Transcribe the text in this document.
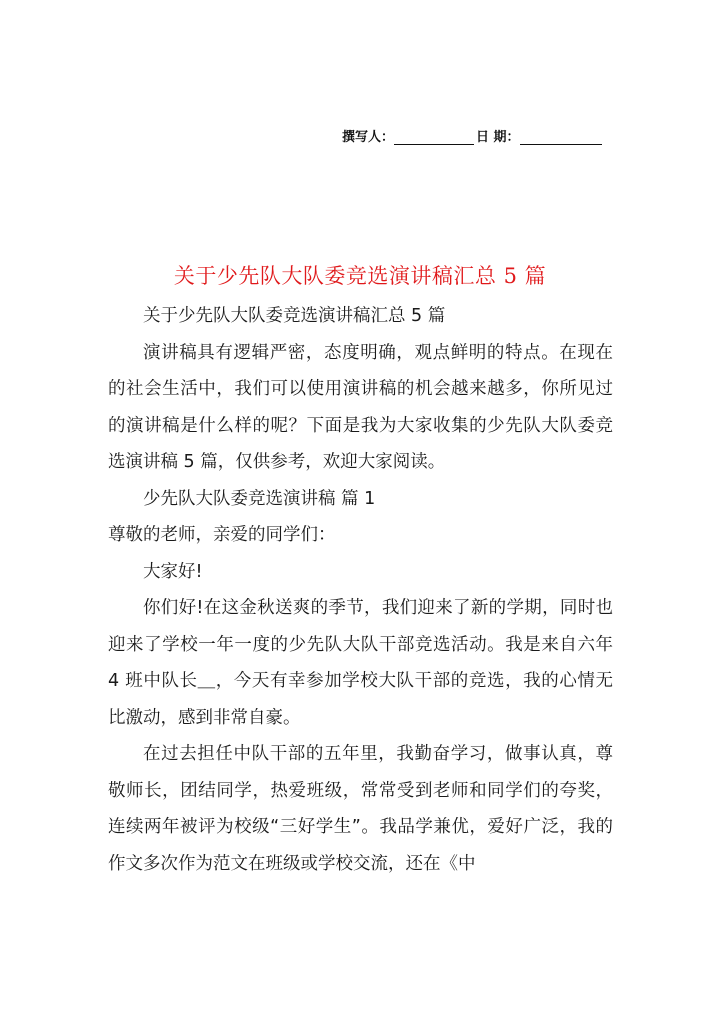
撰写人：	日 期：
关于少先队大队委竞选演讲稿汇总 5 篇

关于少先队大队委竞选演讲稿汇总 5 篇

演讲稿具有逻辑严密，态度明确，观点鲜明的特点。在现在的社会生活中，我们可以使用演讲稿的机会越来越多，你所见过的演讲稿是什么样的呢？下面是我为大家收集的少先队大队委竞选演讲稿 5 篇，仅供参考，欢迎大家阅读。

少先队大队委竞选演讲稿 篇 1

尊敬的老师，亲爱的同学们：

大家好!

你们好!在这金秋送爽的季节，我们迎来了新的学期，同时也迎来了学校一年一度的少先队大队干部竞选活动。我是来自六年 4 班中队长＿，今天有幸参加学校大队干部的竞选，我的心情无比激动，感到非常自豪。

在过去担任中队干部的五年里，我勤奋学习，做事认真，尊敬师长，团结同学，热爱班级，常常受到老师和同学们的夸奖，连续两年被评为校级“三好学生”。我品学兼优，爱好广泛，我的作文多次作为范文在班级或学校交流，还在《中
